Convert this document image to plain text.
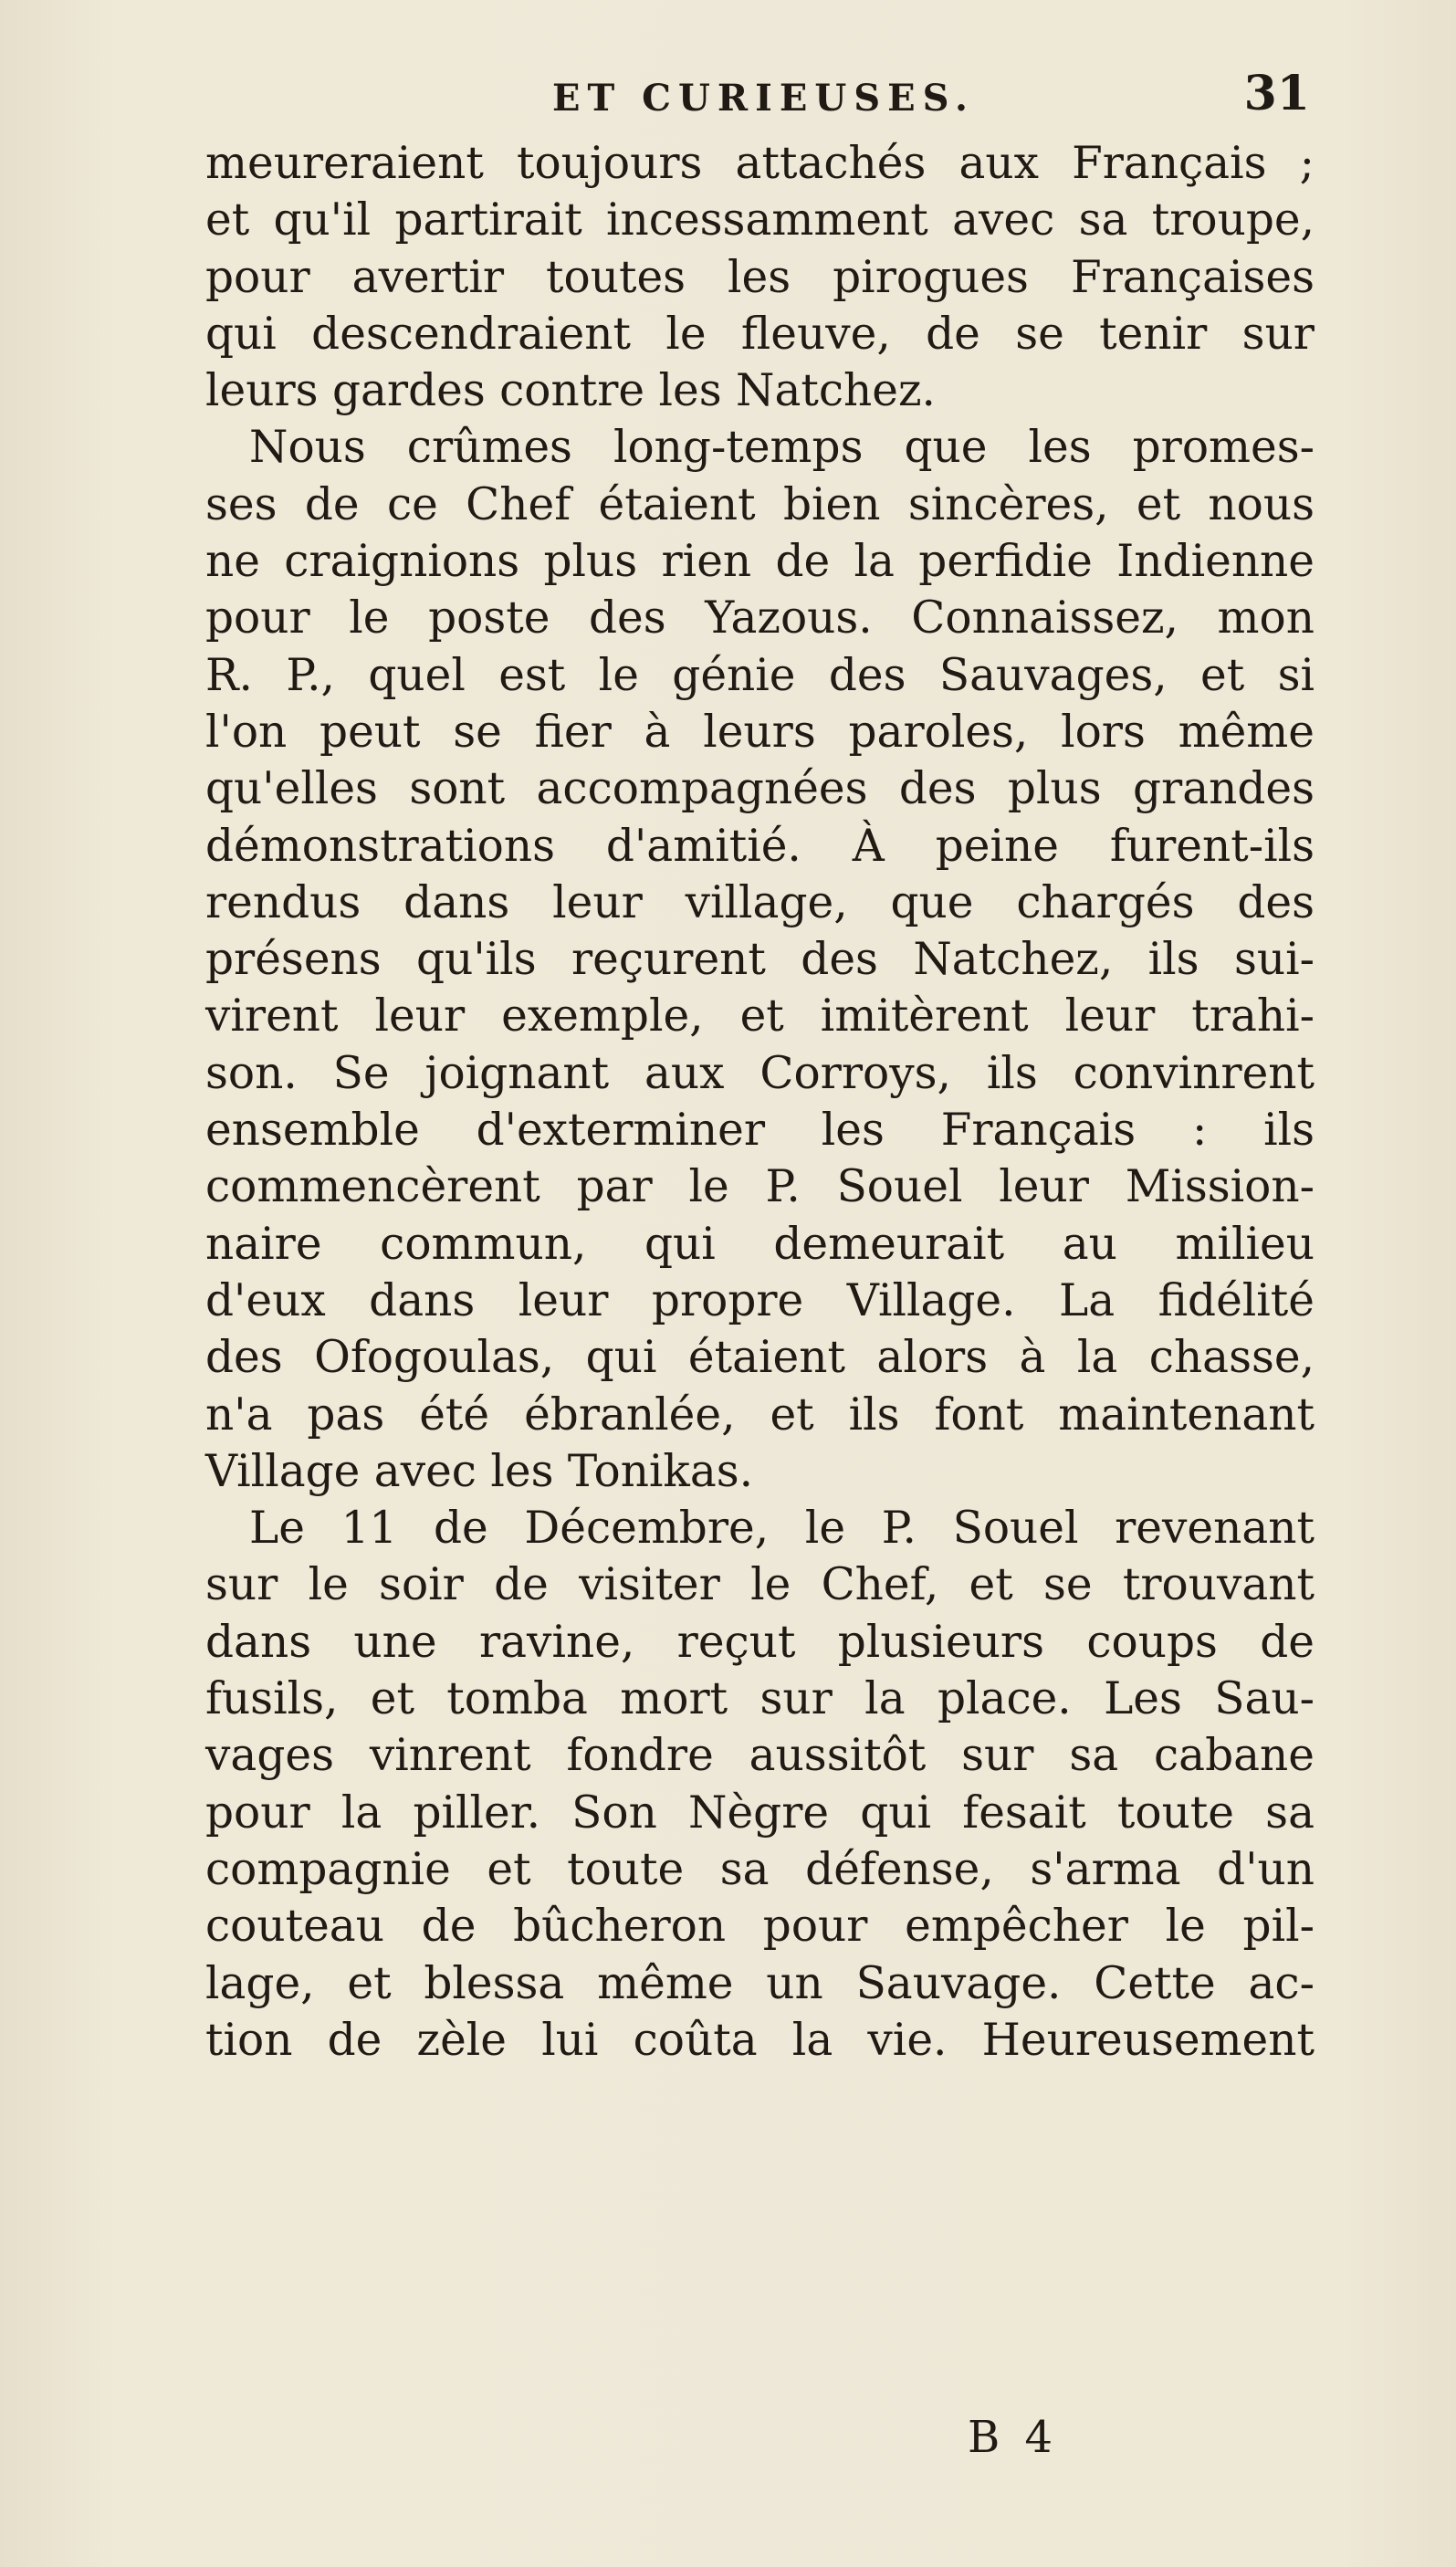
ET CURIEUSES.	31
meureraient toujours attachés aux Français ;
et qu'il partirait incessamment avec sa troupe,
pour avertir toutes les pirogues Françaises
qui descendraient le fleuve, de se tenir sur
leurs gardes contre les Natchez.
Nous crûmes long-temps que les promes-
ses de ce Chef étaient bien sincères, et nous
ne craignions plus rien de la perfidie Indienne
pour le poste des Yazous. Connaissez, mon
R. P., quel est le génie des Sauvages, et si
l'on peut se fier à leurs paroles, lors même
qu'elles sont accompagnées des plus grandes
démonstrations d'amitié. À peine furent-ils
rendus dans leur village, que chargés des
présens qu'ils reçurent des Natchez, ils sui-
virent leur exemple, et imitèrent leur trahi-
son. Se joignant aux Corroys, ils convinrent
ensemble d'exterminer les Français : ils
commencèrent par le P. Souel leur Mission-
naire commun, qui demeurait au milieu
d'eux dans leur propre Village. La fidélité
des Ofogoulas, qui étaient alors à la chasse,
n'a pas été ébranlée, et ils font maintenant
Village avec les Tonikas.
Le 11 de Décembre, le P. Souel revenant
sur le soir de visiter le Chef, et se trouvant
dans une ravine, reçut plusieurs coups de
fusils, et tomba mort sur la place. Les Sau-
vages vinrent fondre aussitôt sur sa cabane
pour la piller. Son Nègre qui fesait toute sa
compagnie et toute sa défense, s'arma d'un
couteau de bûcheron pour empêcher le pil-
lage, et blessa même un Sauvage. Cette ac-
tion de zèle lui coûta la vie. Heureusement
B 4
